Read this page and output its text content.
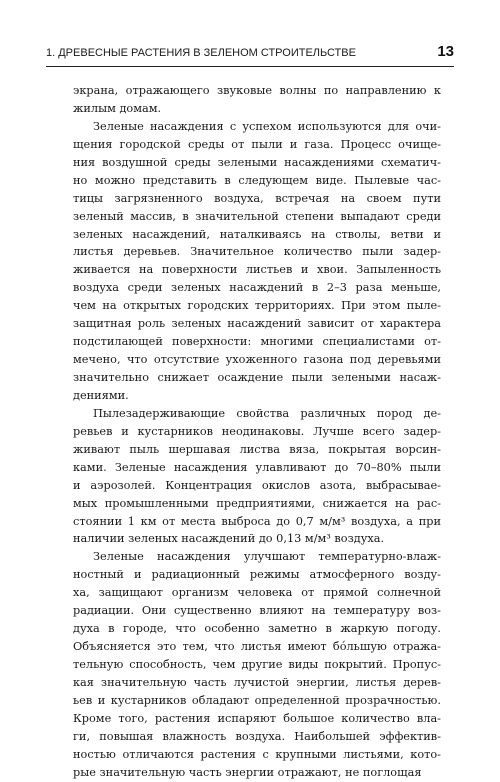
1. ДРЕВЕСНЫЕ РАСТЕНИЯ В ЗЕЛЕНОМ СТРОИТЕЛЬСТВЕ	13
экрана, отражающего звуковые волны по направлению к
жилым домам.
Зеленые насаждения с успехом используются для очи-
щения городской среды от пыли и газа. Процесс очище-
ния воздушной среды зелеными насаждениями схематич-
но можно представить в следующем виде. Пылевые час-
тицы загрязненного воздуха, встречая на своем пути
зеленый массив, в значительной степени выпадают среди
зеленых насаждений, наталкиваясь на стволы, ветви и
листья деревьев. Значительное количество пыли задер-
живается на поверхности листьев и хвои. Запыленность
воздуха среди зеленых насаждений в 2–3 раза меньше,
чем на открытых городских территориях. При этом пыле-
защитная роль зеленых насаждений зависит от характера
подстилающей поверхности: многими специалистами от-
мечено, что отсутствие ухоженного газона под деревьями
значительно снижает осаждение пыли зелеными насаж-
дениями.
Пылезадерживающие свойства различных пород де-
ревьев и кустарников неодинаковы. Лучше всего задер-
живают пыль шершавая листва вяза, покрытая ворсин-
ками. Зеленые насаждения улавливают до 70–80% пыли
и аэрозолей. Концентрация окислов азота, выбрасывае-
мых промышленными предприятиями, снижается на рас-
стоянии 1 км от места выброса до 0,7 м/м³ воздуха, а при
наличии зеленых насаждений до 0,13 м/м³ воздуха.
Зеленые насаждения улучшают температурно-влаж-
ностный и радиационный режимы атмосферного возду-
ха, защищают организм человека от прямой солнечной
радиации. Они существенно влияют на температуру воз-
духа в городе, что особенно заметно в жаркую погоду.
Объясняется это тем, что листья имеют бóльшую отража-
тельную способность, чем другие виды покрытий. Пропус-
кая значительную часть лучистой энергии, листья дерев-
ьев и кустарников обладают определенной прозрачностью.
Кроме того, растения испаряют большое количество вла-
ги, повышая влажность воздуха. Наибольшей эффектив-
ностью отличаются растения с крупными листьями, кото-
рые значительную часть энергии отражают, не поглощая
